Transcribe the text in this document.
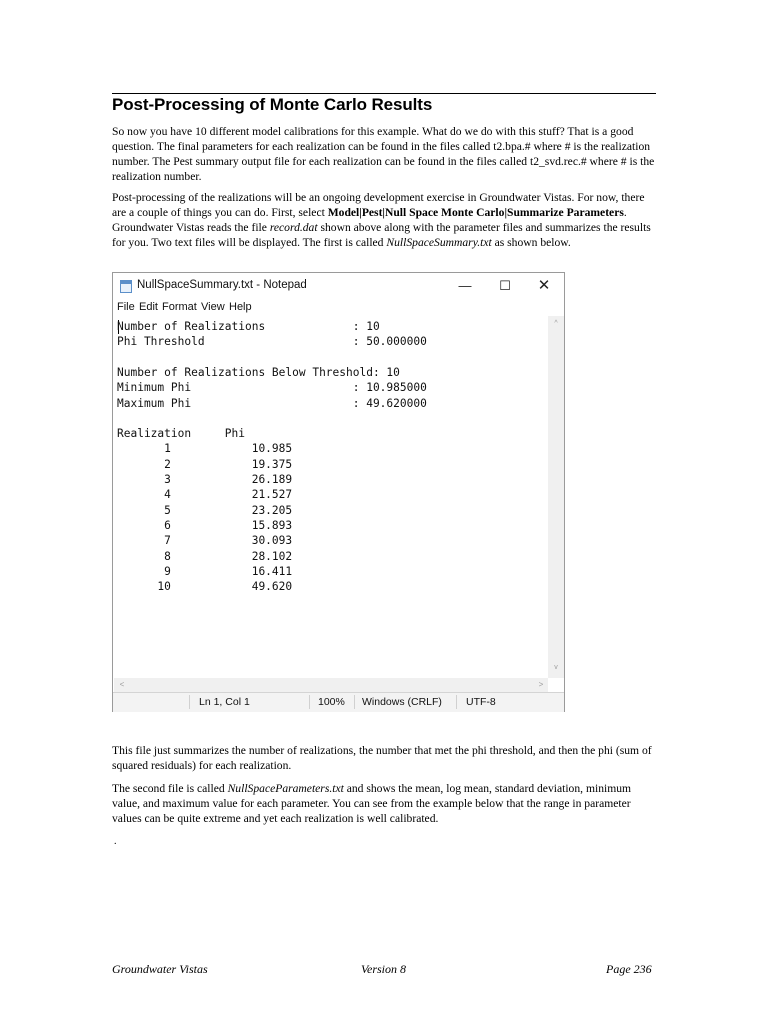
Post-Processing of Monte Carlo Results

So now you have 10 different model calibrations for this example. What do we do with this stuff? That is a good question. The final parameters for each realization can be found in the files called t2.bpa.# where # is the realization number. The Pest summary output file for each realization can be found in the files called t2_svd.rec.# where # is the realization number.

Post-processing of the realizations will be an ongoing development exercise in Groundwater Vistas. For now, there are a couple of things you can do. First, select Model|Pest|Null Space Monte Carlo|Summarize Parameters. Groundwater Vistas reads the file record.dat shown above along with the parameter files and summarizes the results for you. Two text files will be displayed. The first is called NullSpaceSummary.txt as shown below.

NullSpaceSummary.txt - Notepad	—	☐	✕
File Edit Format View Help
Number of Realizations             : 10
Phi Threshold                      : 50.000000
Number of Realizations Below Threshold: 10
Minimum Phi                        : 10.985000
Maximum Phi                        : 49.620000
Realization     Phi
1            10.985
2            19.375
3            26.189
4            21.527
5            23.205
6            15.893
7            30.093
8            28.102
9            16.411
10            49.620
^
v
<	>
Ln 1, Col 1	100% Windows (CRLF) UTF-8

This file just summarizes the number of realizations, the number that met the phi threshold, and then the phi (sum of squared residuals) for each realization.

The second file is called NullSpaceParameters.txt and shows the mean, log mean, standard deviation, minimum value, and maximum value for each parameter. You can see from the example below that the range in parameter values can be quite extreme and yet each realization is well calibrated.

.

Groundwater Vistas	Version 8	Page 236
